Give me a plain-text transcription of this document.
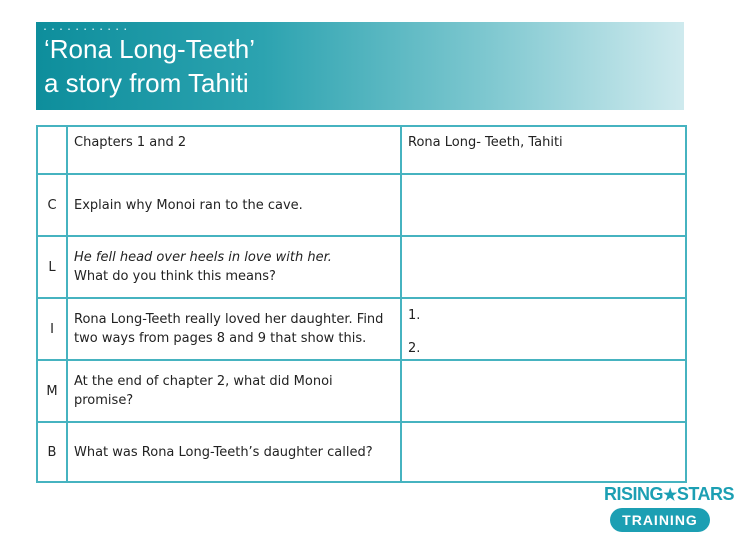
...........
‘Rona Long-Teeth’
a story from Tahiti
	Chapters 1 and 2	Rona Long- Teeth, Tahiti
C	Explain why Monoi ran to the cave.	
L	He fell head over heels in love with her.
What do you think this means?	

I	Rona Long-Teeth really loved her daughter. Find two ways from pages 8 and 9 that show this.	1.
2.

M	At the end of chapter 2, what did Monoi promise?	
B	What was Rona Long-Teeth’s daughter called?	
RISING★STARS
TRAINING
